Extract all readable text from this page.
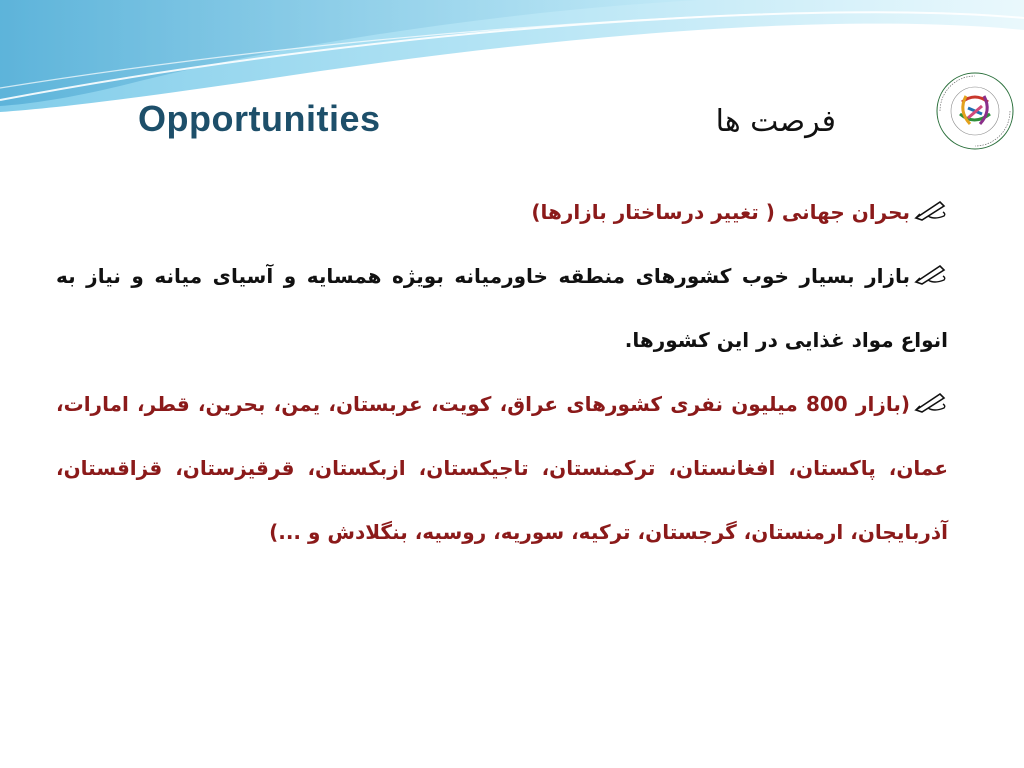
Opportunities	فرصت ها

بحران جهانی ( تغییر درساختار بازارها)

بازار بسیار خوب کشورهای منطقه خاورمیانه بویژه همسایه و آسیای میانه و نیاز به انواع مواد غذایی در این کشورها.

(بازار 800 میلیون نفری کشورهای عراق، کویت، عربستان، یمن، بحرین، قطر، امارات، عمان، پاکستان، افغانستان، ترکمنستان، تاجیکستان، ازبکستان، قرقیزستان، قزاقستان، آذربایجان، ارمنستان، گرجستان، ترکیه، سوریه، روسیه، بنگلادش و ...)
